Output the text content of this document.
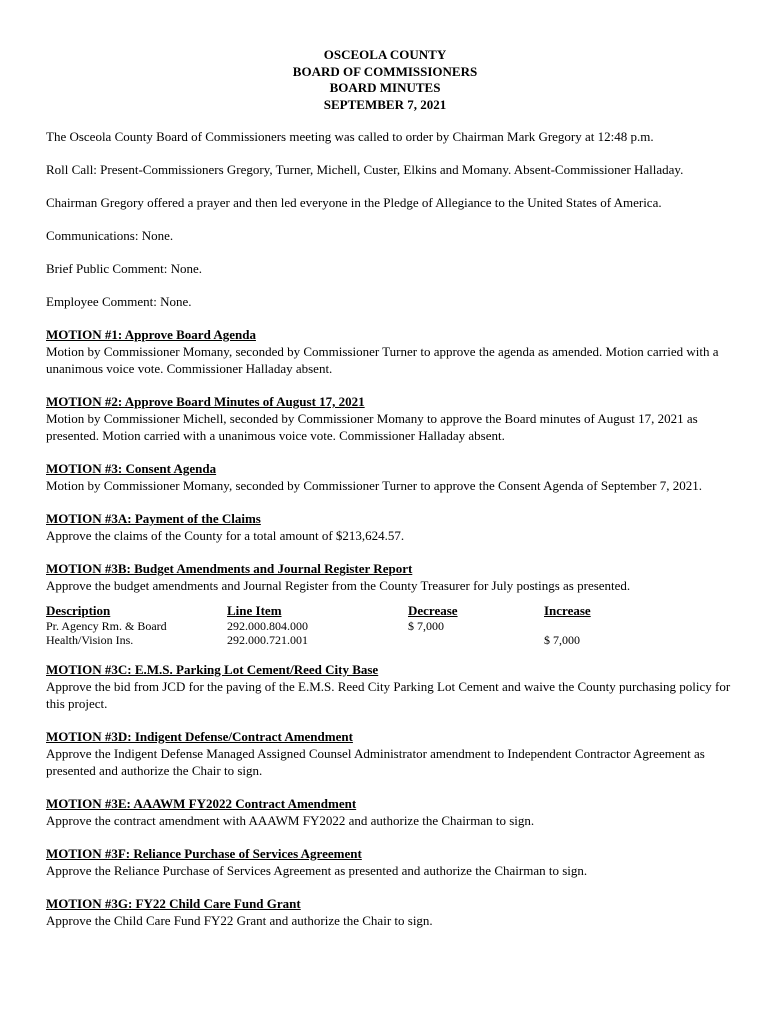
OSCEOLA COUNTY
BOARD OF COMMISSIONERS
BOARD MINUTES
SEPTEMBER 7, 2021

The Osceola County Board of Commissioners meeting was called to order by Chairman Mark Gregory at 12:48 p.m.

Roll Call: Present-Commissioners Gregory, Turner, Michell, Custer, Elkins and Momany. Absent-Commissioner Halladay.

Chairman Gregory offered a prayer and then led everyone in the Pledge of Allegiance to the United States of America.

Communications: None.

Brief Public Comment: None.

Employee Comment: None.

MOTION #1: Approve Board Agenda

Motion by Commissioner Momany, seconded by Commissioner Turner to approve the agenda as amended. Motion carried with a unanimous voice vote. Commissioner Halladay absent.

MOTION #2: Approve Board Minutes of August 17, 2021

Motion by Commissioner Michell, seconded by Commissioner Momany to approve the Board minutes of August 17, 2021 as presented. Motion carried with a unanimous voice vote. Commissioner Halladay absent.

MOTION #3: Consent Agenda

Motion by Commissioner Momany, seconded by Commissioner Turner to approve the Consent Agenda of September 7, 2021.

MOTION #3A: Payment of the Claims

Approve the claims of the County for a total amount of $213,624.57.

MOTION #3B: Budget Amendments and Journal Register Report

Approve the budget amendments and Journal Register from the County Treasurer for July postings as presented.

Description	Line Item	Decrease	Increase
Pr. Agency Rm. & Board	292.000.804.000	$ 7,000	
Health/Vision Ins.	292.000.721.001		$ 7,000

MOTION #3C: E.M.S. Parking Lot Cement/Reed City Base

Approve the bid from JCD for the paving of the E.M.S. Reed City Parking Lot Cement and waive the County purchasing policy for this project.

MOTION #3D: Indigent Defense/Contract Amendment

Approve the Indigent Defense Managed Assigned Counsel Administrator amendment to Independent Contractor Agreement as presented and authorize the Chair to sign.

MOTION #3E: AAAWM FY2022 Contract Amendment

Approve the contract amendment with AAAWM FY2022 and authorize the Chairman to sign.

MOTION #3F: Reliance Purchase of Services Agreement

Approve the Reliance Purchase of Services Agreement as presented and authorize the Chairman to sign.

MOTION #3G: FY22 Child Care Fund Grant

Approve the Child Care Fund FY22 Grant and authorize the Chair to sign.
